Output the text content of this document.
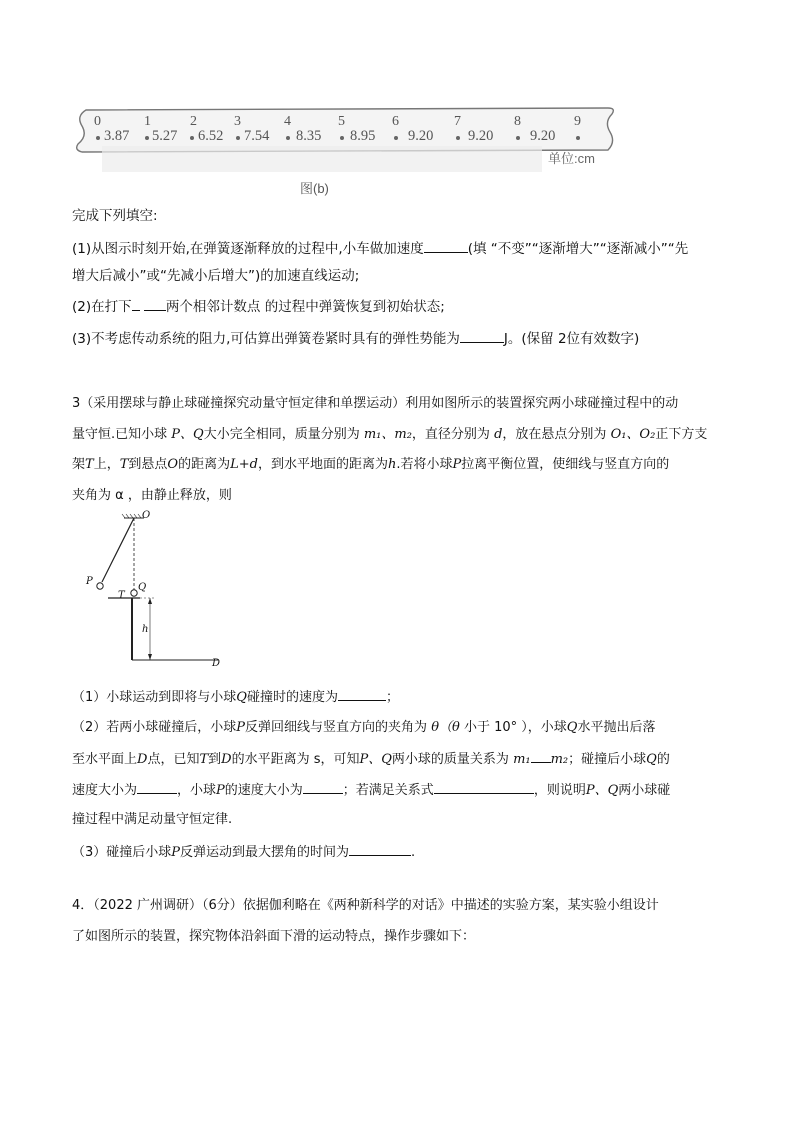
0	1	2	3	4	5	6	7	8	9
3.87 5.27 6.52 7.54 8.35 8.95 9.20 9.20	9.20
单位:cm
图(b)
完成下列填空:
(1)从图示时刻开始,在弹簧逐渐释放的过程中,小车做加速度	(填 “不变”“逐渐增大”“逐渐减小”“先
增大后减小”或“先减小后增大”)的加速直线运动;
(2)在打下	两个相邻计数点 的过程中弹簧恢复到初始状态;
(3)不考虑传动系统的阻力,可估算出弹簧卷紧时具有的弹性势能为	J。(保留 2位有效数字)
3（采用摆球与静止球碰撞探究动量守恒定律和单摆运动）利用如图所示的装置探究两小球碰撞过程中的动
量守恒.已知小球 P、Q大小完全相同，质量分别为 m₁、m₂，直径分别为 d，放在悬点分别为 O₁、O₂正下方支
架T上，T到悬点O的距离为L+d，到水平地面的距离为h.若将小球P拉离平衡位置，使细线与竖直方向的
夹角为 α ，由静止释放，则
O
P
Q
T
h
D
（1）小球运动到即将与小球Q碰撞时的速度为	；
（2）若两小球碰撞后，小球P反弹回细线与竖直方向的夹角为 θ（θ 小于 10° ），小球Q水平抛出后落
至水平面上D点，已知T到D的水平距离为 s，可知P、Q两小球的质量关系为 m₁ m₂；碰撞后小球Q的
速度大小为	，小球P的速度大小为	；若满足关系式	，则说明P、Q两小球碰
撞过程中满足动量守恒定律.
（3）碰撞后小球P反弹运动到最大摆角的时间为	.
4．（2022 广州调研）（6分）依据伽利略在《两种新科学的对话》中描述的实验方案，某实验小组设计
了如图所示的装置，探究物体沿斜面下滑的运动特点，操作步骤如下：
